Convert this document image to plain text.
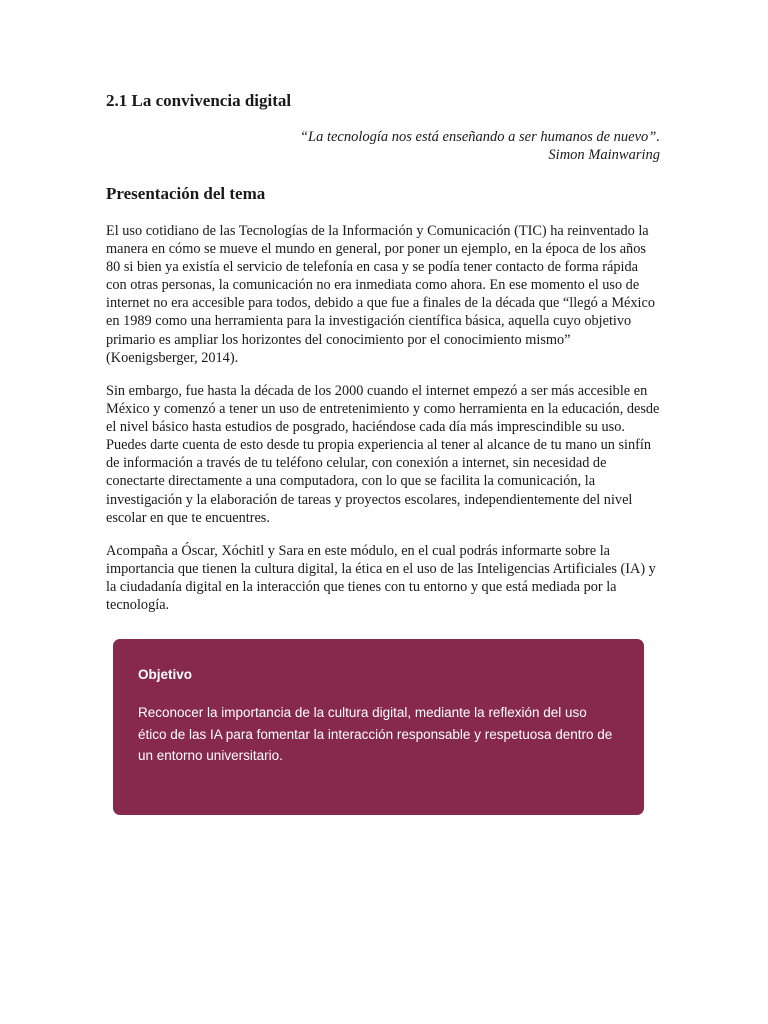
2.1 La convivencia digital
“La tecnología nos está enseñando a ser humanos de nuevo”.
Simon Mainwaring
Presentación del tema

El uso cotidiano de las Tecnologías de la Información y Comunicación (TIC) ha reinventado la manera en cómo se mueve el mundo en general, por poner un ejemplo, en la época de los años 80 si bien ya existía el servicio de telefonía en casa y se podía tener contacto de forma rápida con otras personas, la comunicación no era inmediata como ahora. En ese momento el uso de internet no era accesible para todos, debido a que fue a finales de la década que “llegó a México en 1989 como una herramienta para la investigación científica básica, aquella cuyo objetivo primario es ampliar los horizontes del conocimiento por el conocimiento mismo” (Koenigsberger, 2014).

Sin embargo, fue hasta la década de los 2000 cuando el internet empezó a ser más accesible en México y comenzó a tener un uso de entretenimiento y como herramienta en la educación, desde el nivel básico hasta estudios de posgrado, haciéndose cada día más imprescindible su uso. Puedes darte cuenta de esto desde tu propia experiencia al tener al alcance de tu mano un sinfín de información a través de tu teléfono celular, con conexión a internet, sin necesidad de conectarte directamente a una computadora, con lo que se facilita la comunicación, la investigación y la elaboración de tareas y proyectos escolares, independientemente del nivel escolar en que te encuentres.

Acompaña a Óscar, Xóchitl y Sara en este módulo, en el cual podrás informarte sobre la importancia que tienen la cultura digital, la ética en el uso de las Inteligencias Artificiales (IA) y la ciudadanía digital en la interacción que tienes con tu entorno y que está mediada por la tecnología.

Objetivo

Reconocer la importancia de la cultura digital, mediante la reflexión del uso ético de las IA para fomentar la interacción responsable y respetuosa dentro de un entorno universitario.
